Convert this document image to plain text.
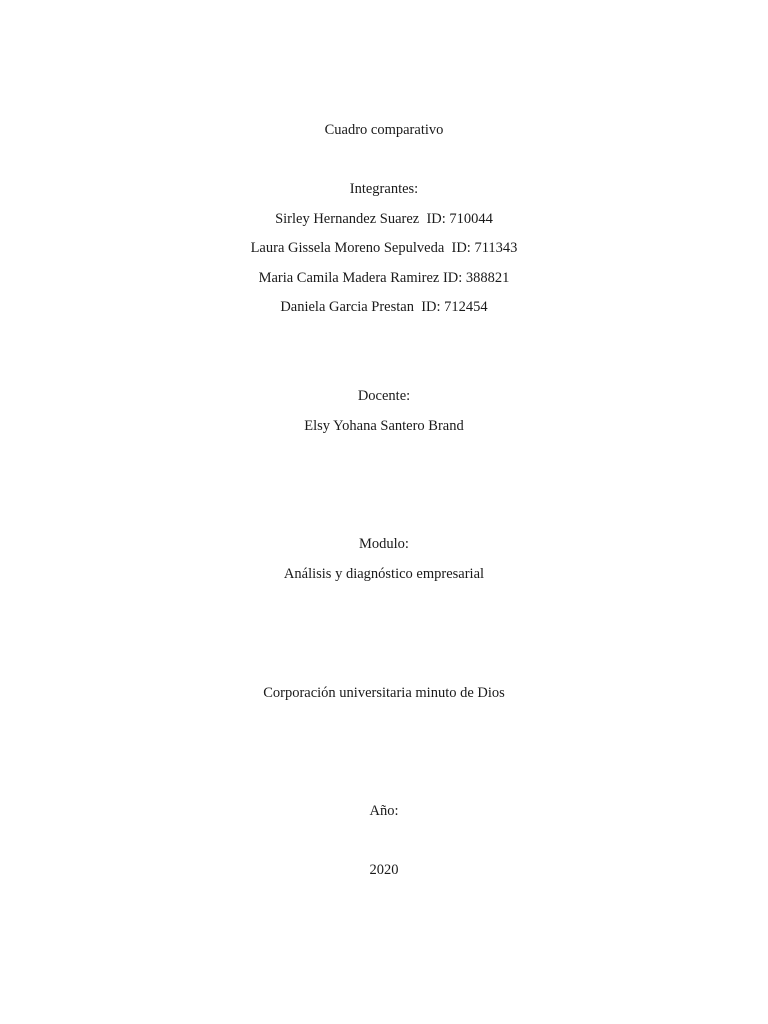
Cuadro comparativo
Integrantes:
Sirley Hernandez Suarez  ID: 710044
Laura Gissela Moreno Sepulveda  ID: 711343
Maria Camila Madera Ramirez ID: 388821
Daniela Garcia Prestan  ID: 712454
Docente:
Elsy Yohana Santero Brand
Modulo:
Análisis y diagnóstico empresarial
Corporación universitaria minuto de Dios
Año:
2020
